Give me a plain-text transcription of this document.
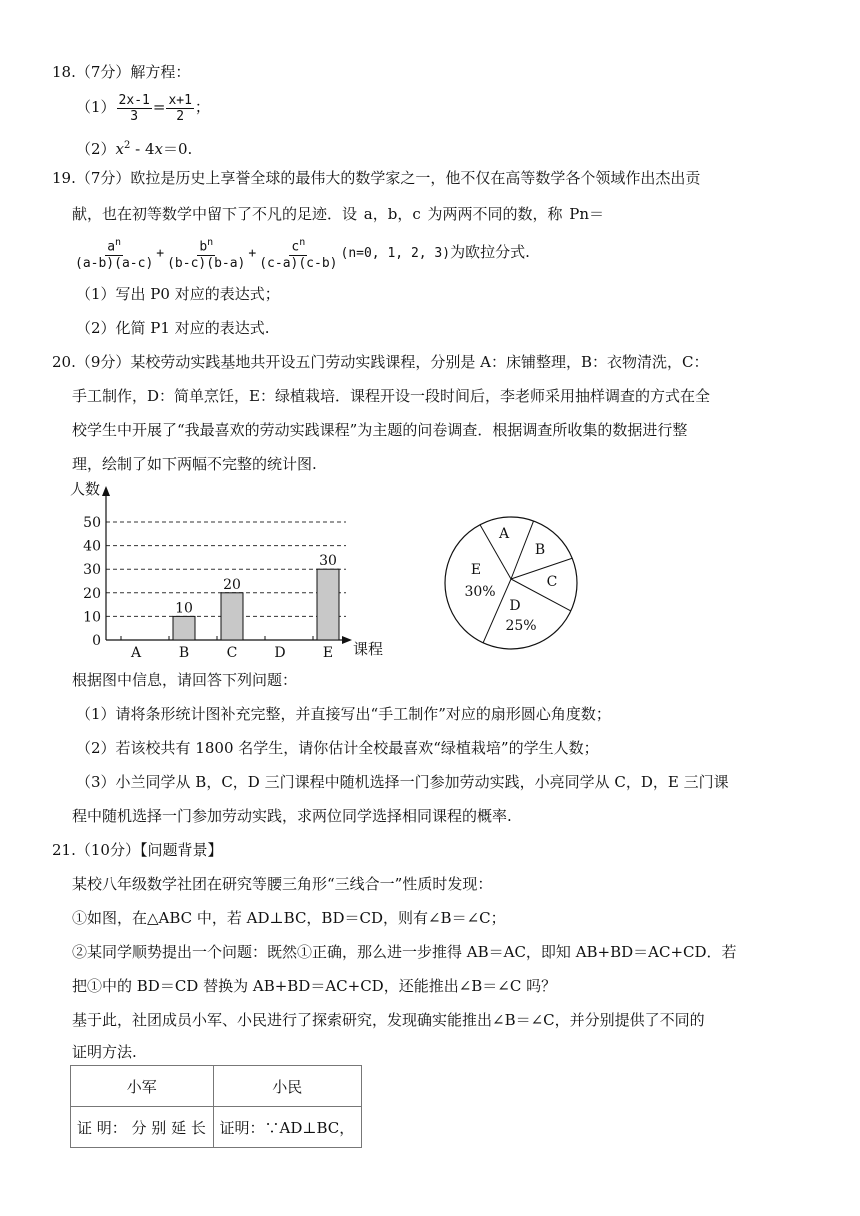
18.（7分）解方程：
$(1) \frac{2x-1}{3} = \frac{x+1}{2}$ ；
$(2)x^2 - 4x=0$.
19.（7分）欧拉是历史上享誉全球的最伟大的数学家之一，他不仅在高等数学各个领域作出杰出贡
献，也在初等数学中留下了不凡的足迹．设 a，b，c 为两两不同的数，称 Pn＝
$\frac{a^n}{(a-b)(a-c)} + \frac{b^n}{(b-c)(b-a)} + \frac{c^n}{(c-a)(c-b)} (n=0$, 1, 2, 3)为欧拉分式.
（1）写出 P0 对应的表达式；
（2）化简 P1 对应的表达式.
20.（9分）某校劳动实践基地共开设五门劳动实践课程，分别是 A：床铺整理，B：衣物清洗，C：
手工制作，D：简单烹饪，E：绿植栽培．课程开设一段时间后，李老师采用抽样调查的方式在全
校学生中开展了“我最喜欢的劳动实践课程”为主题的问卷调查．根据调查所收集的数据进行整
理，绘制了如下两幅不完整的统计图.
0
10
20
30
40
50
人数
课程
A	B
10
C
20
D	E
30
A
B
C
D
25%
E
30%
根据图中信息，请回答下列问题：
（1）请将条形统计图补充完整，并直接写出“手工制作”对应的扇形圆心角度数；
（2）若该校共有 1800 名学生，请你估计全校最喜欢“绿植栽培”的学生人数；
（3）小兰同学从 B，C，D 三门课程中随机选择一门参加劳动实践，小亮同学从 C，D，E 三门课
程中随机选择一门参加劳动实践，求两位同学选择相同课程的概率.
21.（10分）【问题背景】
某校八年级数学社团在研究等腰三角形“三线合一”性质时发现：
①如图，在△ABC 中，若 AD⊥BC，BD＝CD，则有∠B＝∠C；
②某同学顺势提出一个问题：既然①正确，那么进一步推得 AB＝AC，即知 AB+BD＝AC+CD．若
把①中的 BD＝CD 替换为 AB+BD＝AC+CD，还能推出∠B＝∠C 吗？
基于此，社团成员小军、小民进行了探索研究，发现确实能推出∠B＝∠C，并分别提供了不同的
证明方法.
小军	小民
证 明： 分 别 延 长	证明：∵AD⊥BC，
